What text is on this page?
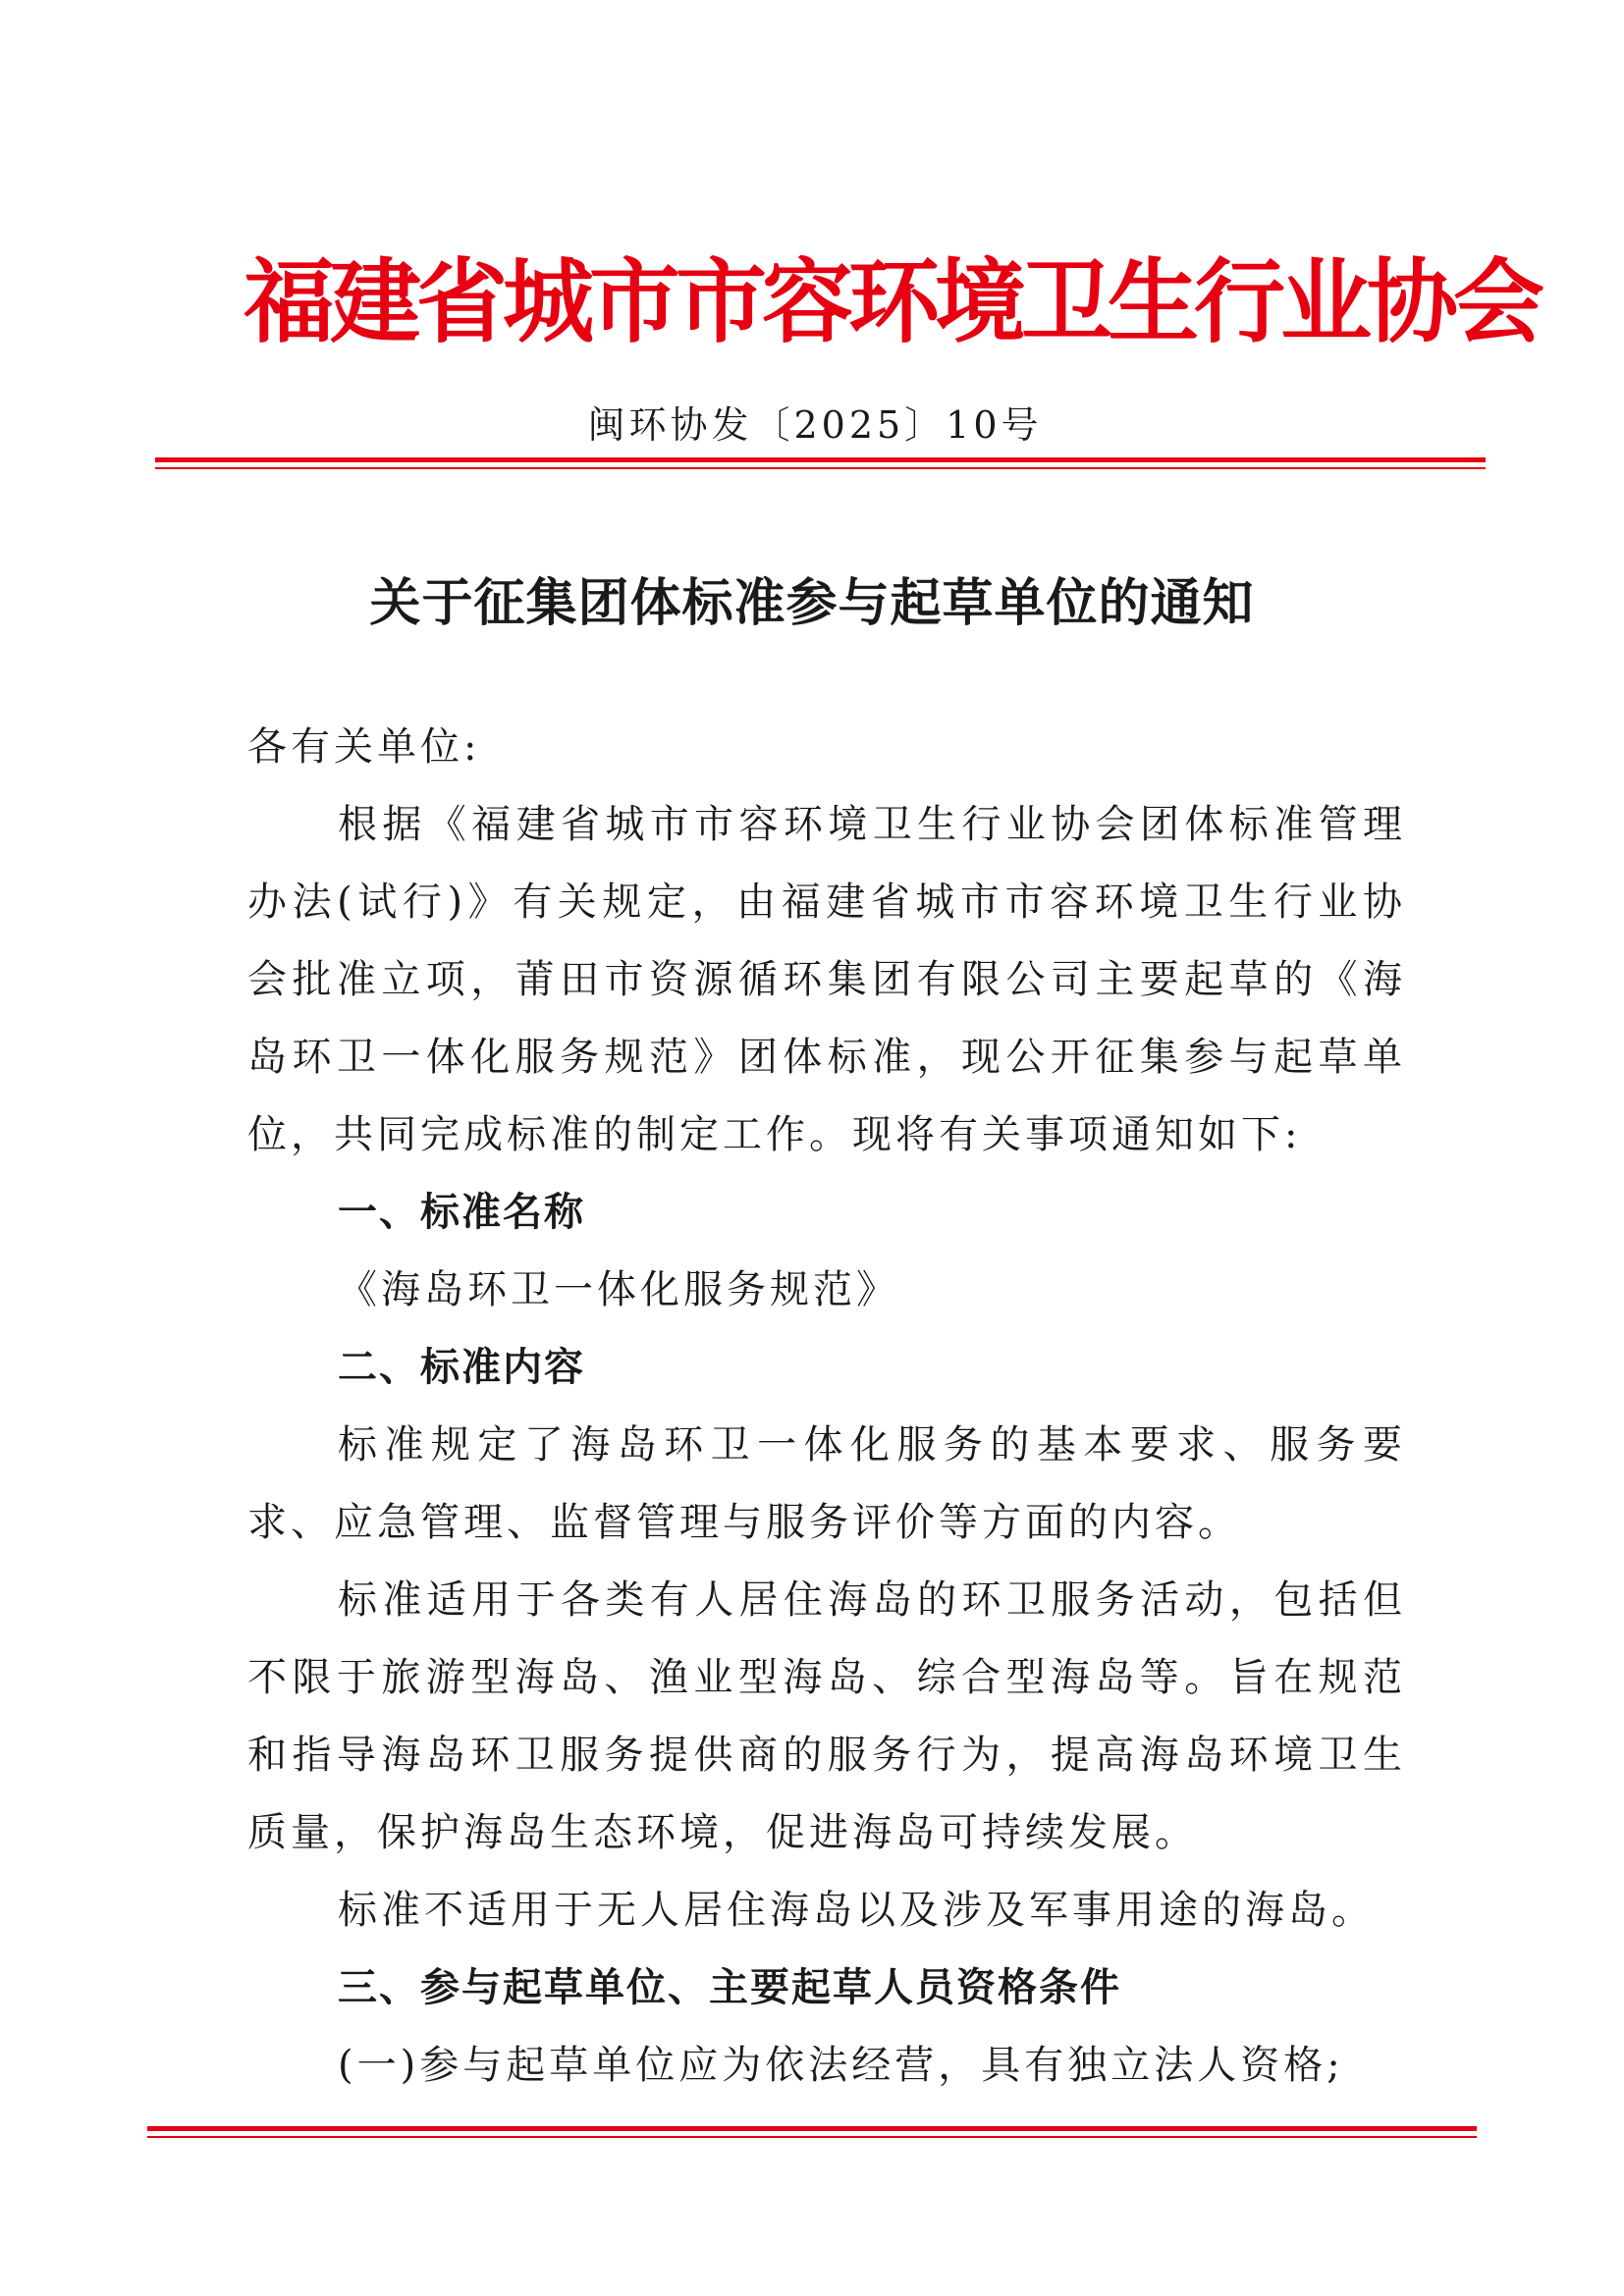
福建省城市市容环境卫生行业协会
闽环协发〔2025〕10号
关于征集团体标准参与起草单位的通知

各有关单位:

根据《福建省城市市容环境卫生行业协会团体标准管理办法(试行)》有关规定，由福建省城市市容环境卫生行业协会批准立项，莆田市资源循环集团有限公司主要起草的《海岛环卫一体化服务规范》团体标准，现公开征集参与起草单位，共同完成标准的制定工作。现将有关事项通知如下:

一、标准名称

《海岛环卫一体化服务规范》

二、标准内容

标准规定了海岛环卫一体化服务的基本要求、服务要求、应急管理、监督管理与服务评价等方面的内容。

标准适用于各类有人居住海岛的环卫服务活动，包括但不限于旅游型海岛、渔业型海岛、综合型海岛等。旨在规范和指导海岛环卫服务提供商的服务行为，提高海岛环境卫生质量，保护海岛生态环境，促进海岛可持续发展。

标准不适用于无人居住海岛以及涉及军事用途的海岛。

三、参与起草单位、主要起草人员资格条件

(一)参与起草单位应为依法经营，具有独立法人资格;
